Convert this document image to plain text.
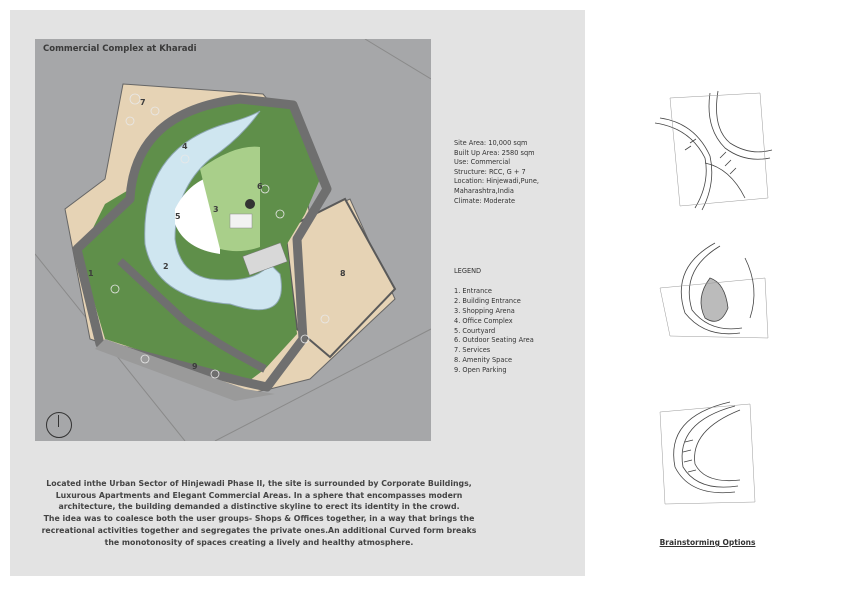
1
2
3
4
5
6
7
8
9
Commercial Complex at Kharadi
Site Area: 10,000 sqm
Built Up Area: 2580 sqm
Use: Commercial
Structure: RCC, G + 7
Location: Hinjewadi,Pune,
Maharashtra,India
Climate: Moderate
LEGEND
1. Entrance
2. Building Entrance
3. Shopping Arena
4. Office Complex
5. Courtyard
6. Outdoor Seating Area
7. Services
8. Amenity Space
9. Open Parking

Located inthe Urban Sector of Hinjewadi Phase II, the site is surrounded by Corporate Buildings, Luxurous Apartments and Elegant Commercial Areas. In a sphere that encompasses modern architecture, the building demanded a distinctive skyline to erect its identity in the crowd.

The idea was to coalesce both the user groups- Shops & Offices together, in a way that brings the recreational activities together and segregates the private ones.An additional Curved form breaks the monotonosity of spaces creating a lively and healthy atmosphere.	Brainstorming Options
